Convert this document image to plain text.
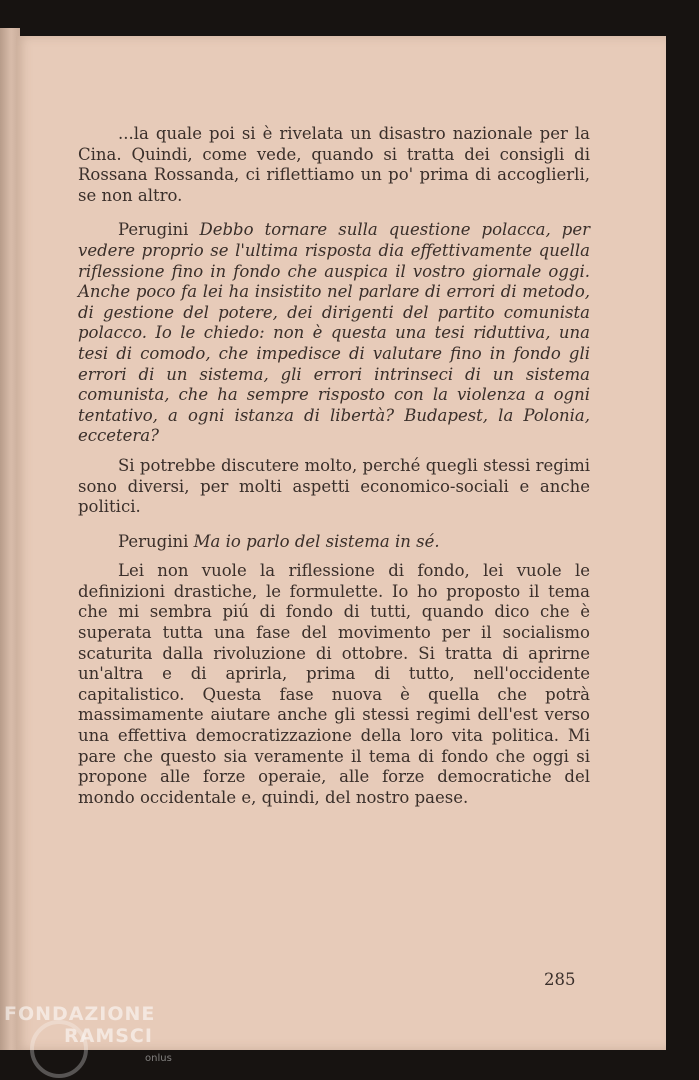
...la quale poi si è rivelata un disastro nazionale per la Cina. Quindi, come vede, quando si tratta dei consigli di Rossana Rossanda, ci riflettiamo un po' prima di accoglierli, se non altro.

Perugini Debbo tornare sulla questione polacca, per vedere proprio se l'ultima risposta dia effettivamente quella riflessione fino in fondo che auspica il vostro giornale oggi. Anche poco fa lei ha insistito nel parlare di errori di metodo, di gestione del potere, dei dirigenti del partito comunista polacco. Io le chiedo: non è questa una tesi riduttiva, una tesi di comodo, che impedisce di valutare fino in fondo gli errori di un sistema, gli errori intrinseci di un sistema comunista, che ha sempre risposto con la violenza a ogni tentativo, a ogni istanza di libertà? Budapest, la Polonia, eccetera?

Si potrebbe discutere molto, perché quegli stessi regimi sono diversi, per molti aspetti economico-sociali e anche politici.

Perugini Ma io parlo del sistema in sé.

Lei non vuole la riflessione di fondo, lei vuole le definizioni drastiche, le formulette. Io ho proposto il tema che mi sembra piú di fondo di tutti, quando dico che è superata tutta una fase del movimento per il socialismo scaturita dalla rivoluzione di ottobre. Si tratta di aprirne un'altra e di aprirla, prima di tutto, nell'occidente capitalistico. Questa fase nuova è quella che potrà massimamente aiutare anche gli stessi regimi dell'est verso una effettiva democratizzazione della loro vita politica. Mi pare che questo sia veramente il tema di fondo che oggi si propone alle forze operaie, alle forze democratiche del mondo occidentale e, quindi, del nostro paese.

285
FONDAZIONE
RAMSCI
onlus
